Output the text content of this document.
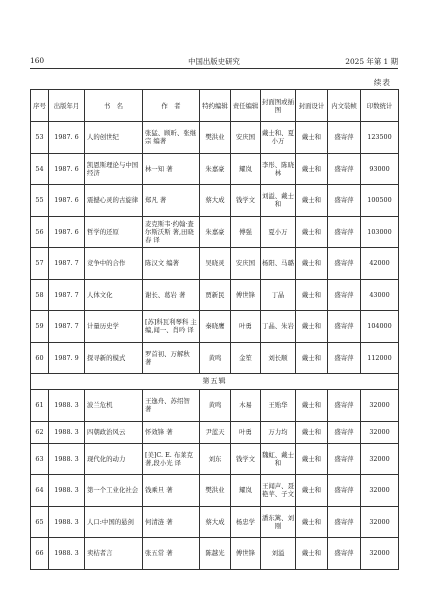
160	中国出版史研究	2025 年第 1 期
续表
序号	出版年月	书　名	作　者	特约编辑	责任编辑	封面图或插图	封面设计	内文装帧	印数统计
53	1987. 6	人的创世纪	张猛、顾昕、张继宗 编著	樊洪业	安庆国	戴士和、夏小万	戴士和	盛寄萍	123500
54	1987. 6	凯恩斯理论与中国经济	林一知 著	朱嘉豪	耀岚	李彤、陈晓林	戴士和	盛寄萍	93000
55	1987. 6	震撼心灵的古旋律	郑凡 著	蔡大成	钱学文	刘溢、戴士和	戴士和	盛寄萍	100500
56	1987. 6	哲学的还原	麦克斯韦·约翰·査尔斯沃斯 著,田晓春 译	朱嘉豪	傅强	夏小万	戴士和	盛寄萍	103000
57	1987. 7	竞争中的合作	陈汉文 编著	吴晓灵	安庆国	杨阳、马璐	戴士和	盛寄萍	42000
58	1987. 7	人体文化	谢长、葛岩 著	贾新民	傅世锋	丁晶	戴士和	盛寄萍	43000
59	1987. 7	计量历史学	[苏]科瓦利琴科 主编,闻一、肖吟 译	秦晓鹰	叶勇	丁晶、朱岩	戴士和	盛寄萍	104000
60	1987. 9	探寻新的模式	罗首初、万解秋 著	黄鸣	金笙	刘长顺	戴士和	盛寄萍	112000
第五辑									
61	1988. 3	波兰危机	王逸舟、苏绍智 著	黄鸣	木易	王贻华	戴士和	盛寄萍	32000
62	1988. 3	四朝政治风云	怀效锋 著	尹蓝天	叶勇	万力均	戴士和	盛寄萍	32000
63	1988. 3	现代化的动力	[美]C. E. 布莱克 著,段小光 译	刘东	钱学文	魏虹、戴士和	戴士和	盛寄萍	32000
64	1988. 3	第一个工业化社会	钱乘旦 著	樊洪业	耀岚	王闻声、聂艳苹、子文	戴士和	盛寄萍	32000
65	1988. 3	人口:中国的悬剑	何清涟 著	蔡大成	杨忠学	潘东篱、刘刚	戴士和	盛寄萍	32000
66	1988. 3	卖桔者言	张五常 著	陈越光	傅世锋	刘溢	戴士和	盛寄萍	32000
